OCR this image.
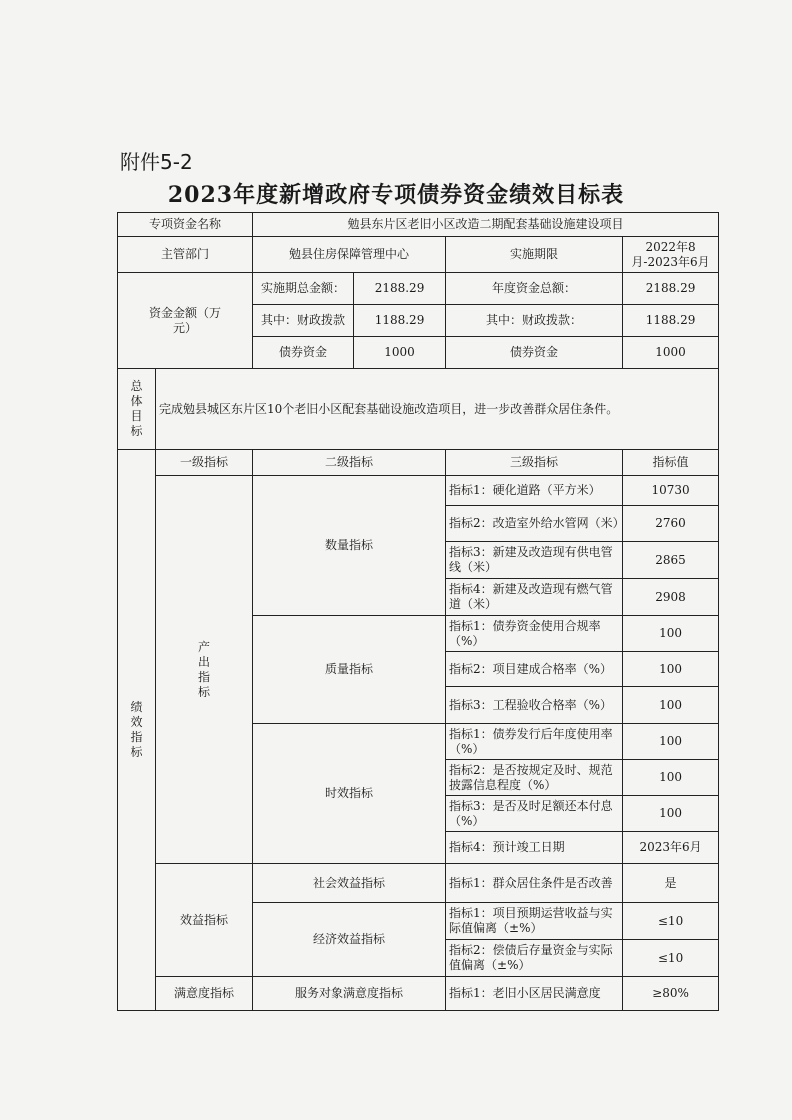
附件5-2
2023年度新增政府专项债券资金绩效目标表
专项资金名称		勉县东片区老旧小区改造二期配套基础设施建设项目			
主管部门		勉县住房保障管理中心		实施期限	2022年8月-2023年6月
资金金额（万元）		实施期总金额：	2188.29	年度资金总额：	2188.29
		其中：财政拨款	1188.29	其中：财政拨款：	1188.29
		债券资金	1000	债券资金	1000
总体目标	完成勉县城区东片区10个老旧小区配套基础设施改造项目，进一步改善群众居住条件。				
绩效指标	一级指标	二级指标		三级指标	指标值
	产出指标	数量指标		指标1：硬化道路（平方米）	10730
				指标2：改造室外给水管网（米）	2760
				指标3：新建及改造现有供电管线（米）	2865
				指标4：新建及改造现有燃气管道（米）	2908
		质量指标		指标1：债券资金使用合规率（%）	100
				指标2：项目建成合格率（%）	100
				指标3：工程验收合格率（%）	100
		时效指标		指标1：债券发行后年度使用率（%）	100
				指标2：是否按规定及时、规范披露信息程度（%）	100
				指标3：是否及时足额还本付息（%）	100
				指标4：预计竣工日期	2023年6月
	效益指标	社会效益指标		指标1：群众居住条件是否改善	是
		经济效益指标		指标1：项目预期运营收益与实际值偏离（±%）	≤10
				指标2：偿债后存量资金与实际值偏离（±%）	≤10
	满意度指标	服务对象满意度指标		指标1：老旧小区居民满意度	≥80%
